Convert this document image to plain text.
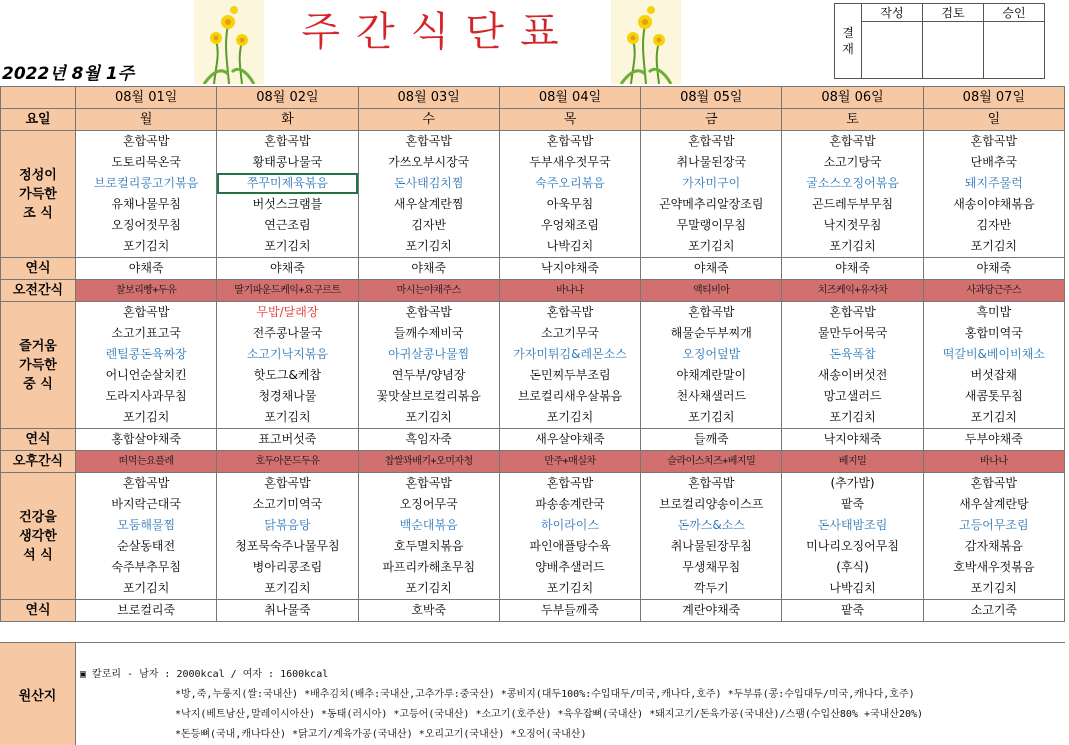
주간식단표	결
재	작성	검토	승인

2022년 8월 1주
	08월 01일	08월 02일	08월 03일	08월 04일	08월 05일	08월 06일	08월 07일
요일	월	화	수	목	금	토	일
정성이
가득한
조 식	혼합곡밥	혼합곡밥	혼합곡밥	혼합곡밥	혼합곡밥	혼합곡밥	혼합곡밥
	도토리묵온국	황태콩나물국	가쓰오부시장국	두부새우젓무국	취나물된장국	소고기탕국	단배추국
	브로컬리콩고기볶음	쭈꾸미제육볶음	돈사태김치찜	숙주오리볶음	가자미구이	굴소스오징어볶음	돼지주물럭
	유채나물무침	버섯스크램블	새우살계란찜	아욱무침	곤약메추리알장조림	곤드레두부무침	새송이야채볶음
	오징어젓무침	연근조림	김자반	우엉채조림	무말랭이무침	낙지젓무침	김자반
	포기김치	포기김치	포기김치	나박김치	포기김치	포기김치	포기김치
연식	야채죽	야채죽	야채죽	낙지야채죽	야채죽	야채죽	야채죽
오전간식	찰보리빵+두유	딸기파운드케익+요구르트	마시는야채주스	바나나	액티비아	치즈케익+유자차	사과당근주스
즐거움
가득한
중 식	혼합곡밥	무밥/달래장	혼합곡밥	혼합곡밥	혼합곡밥	혼합곡밥	흑미밥
	소고기표고국	전주콩나물국	들깨수제비국	소고기무국	해물순두부찌개	물만두어묵국	홍합미역국
	렌틸콩돈육짜장	소고기낙지볶음	아귀살콩나물찜	가자미튀김&레몬소스	오징어덮밥	돈육폭찹	떡갈비&베이비채소
	어니언순살치킨	핫도그&케찹	연두부/양념장	돈민찌두부조림	야채계란말이	새송이버섯전	버섯잡채
	도라지사과무침	청경채나물	꽃맛살브로컬리볶음	브로컬리새우살볶음	천사채샐러드	망고샐러드	새콤톳무침
	포기김치	포기김치	포기김치	포기김치	포기김치	포기김치	포기김치
연식	홍합살야채죽	표고버섯죽	흑임자죽	새우살야채죽	들깨죽	낙지야채죽	두부야채죽
오후간식	떠먹는요플레	호두아몬드두유	찹쌀꽈배기+오미자청	만주+매실차	슬라이스치즈+베지밀	베지밀	바나나
건강을
생각한
석 식	혼합곡밥	혼합곡밥	혼합곡밥	혼합곡밥	혼합곡밥	(추가밥)	혼합곡밥
	바지락근대국	소고기미역국	오징어무국	파송송계란국	브로컬리양송이스프	팥죽	새우살계란탕
	모둠해물찜	닭볶음탕	백순대볶음	하이라이스	돈까스&소스	돈사태밤조림	고등어무조림
	순살동태전	청포묵숙주나물무침	호두멸치볶음	파인애플탕수육	취나물된장무침	미나리오징어무침	감자채볶음
	숙주부추무침	병아리콩조림	파프리카해초무침	양배추샐러드	무생채무침	(후식)	호박새우젓볶음
	포기김치	포기김치	포기김치	포기김치	깍두기	나박김치	포기김치
연식	브로컬리죽	취나물죽	호박죽	두부들깨죽	계란야채죽	팥죽	소고기죽
원산지
▣ 칼로리 - 남자 : 2000kcal / 여자 : 1600kcal
*방,죽,누룽지(쌀:국내산) *배추김치(배추:국내산,고추가루:중국산) *콩비지(대두100%:수입대두/미국,캐나다,호주) *두부류(콩:수입대두/미국,캐나다,호주)
*낙지(베트남산,말레이시아산) *동태(러시아) *고등어(국내산) *소고기(호주산) *육우잡뼈(국내산) *돼지고기/돈육가공(국내산)/스팸(수입산80% +국내산20%)
*돈등뼈(국내,캐나다산) *닭고기/계육가공(국내산) *오리고기(국내산) *오징어(국내산)
